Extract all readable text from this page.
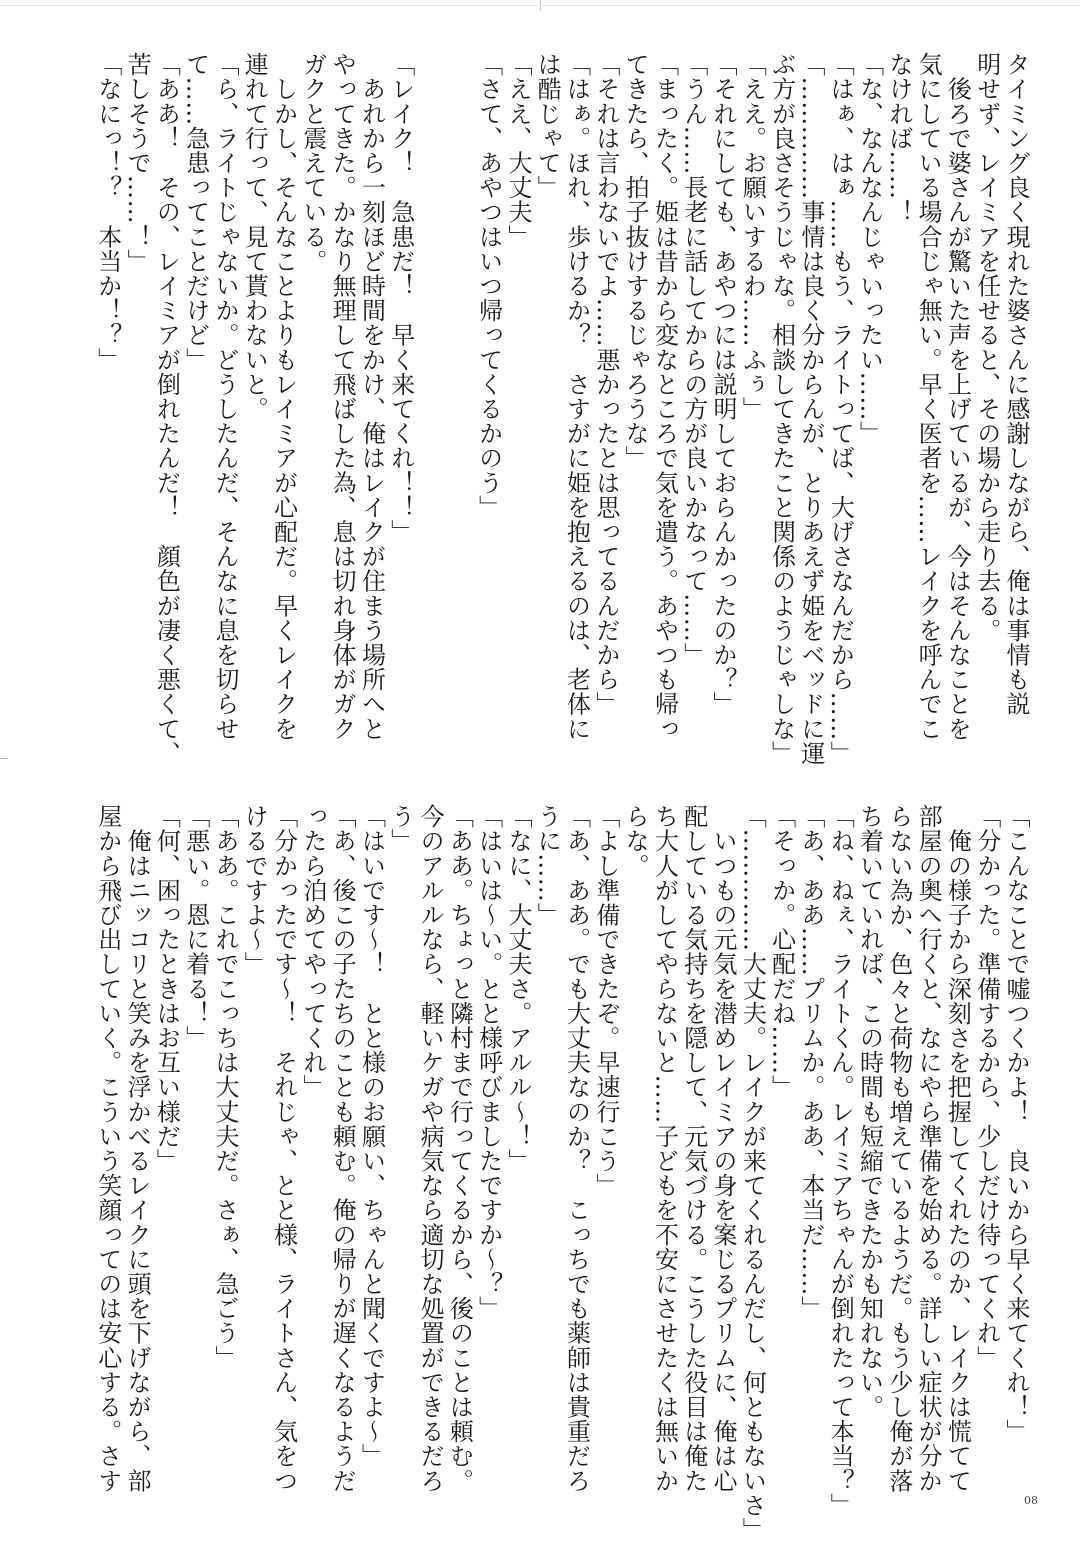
タイミング良く現れた婆さんに感謝しながら、俺は事情も説
明せず、レイミアを任せると、その場から走り去る。
　後ろで婆さんが驚いた声を上げているが、今はそんなことを
気にしている場合じゃ無い。早く医者を……レイクを呼んでこ
なければ……！
「な、なんなんじゃいったい……」
「はぁ、はぁ……もう、ライトってば、大げさなんだから……」
「……………事情は良く分からんが、とりあえず姫をベッドに運
ぶ方が良さそうじゃな。相談してきたこと関係のようじゃしな」
「ええ。お願いするわ……ふぅ」
「それにしても、あやつには説明しておらんかったのか？」
「うん……長老に話してからの方が良いかなって……」
「まったく。姫は昔から変なところで気を遣う。あやつも帰っ
てきたら、拍子抜けするじゃろうな」
「それは言わないでよ……悪かったとは思ってるんだから」
「はぁ。ほれ、歩けるか？　さすがに姫を抱えるのは、老体に
は酷じゃて」
「ええ、大丈夫」
「さて、あやつはいつ帰ってくるかのう」
「レイク！　急患だ！　早く来てくれ！！」
　あれから一刻ほど時間をかけ、俺はレイクが住まう場所へと
やってきた。かなり無理して飛ばした為、息は切れ身体がガク
ガクと震えている。
　しかし、そんなことよりもレイミアが心配だ。早くレイクを
連れて行って、見て貰わないと。
「ら、ライトじゃないか。どうしたんだ、そんなに息を切らせ
て……急患ってことだけど」
「ああ！　その、レイミアが倒れたんだ！　顔色が凄く悪くて、
苦しそうで……！」
「なにっ！？　本当か！？」
「こんなことで嘘つくかよ！　良いから早く来てくれ！」
「分かった。準備するから、少しだけ待ってくれ」
　俺の様子から深刻さを把握してくれたのか、レイクは慌てて
部屋の奥へ行くと、なにやら準備を始める。詳しい症状が分か
らない為か、色々と荷物も増えているようだ。もう少し俺が落
ち着いていれば、この時間も短縮できたかも知れない。
「ね、ねぇ、ライトくん。レイミアちゃんが倒れたって本当？」
「あ、ああ……プリムか。ああ、本当だ……」
「そっか。心配だね……」
「……………大丈夫。レイクが来てくれるんだし、何ともないさ」
　いつもの元気を潜めレイミアの身を案じるプリムに、俺は心
配している気持ちを隠して、元気づける。こうした役目は俺た
ち大人がしてやらないと……子どもを不安にさせたくは無いか
らな。
「よし準備できたぞ。早速行こう」
「あ、ああ。でも大丈夫なのか？　こっちでも薬師は貴重だろ
うに……」
「なに、大丈夫さ。アルル～！」
「はいは～い。とと様呼びましたですか～？」
「ああ。ちょっと隣村まで行ってくるから、後のことは頼む。
今のアルルなら、軽いケガや病気なら適切な処置ができるだろ
う」
「はいです～！　とと様のお願い、ちゃんと聞くですよ～」
「あ、後この子たちのことも頼む。俺の帰りが遅くなるようだ
ったら泊めてやってくれ」
「分かったです～！　それじゃ、とと様、ライトさん、気をつ
けるですよ～」
「ああ。これでこっちは大丈夫だ。さぁ、急ごう」
「悪い。恩に着る！」
「何、困ったときはお互い様だ」
　俺はニッコリと笑みを浮かべるレイクに頭を下げながら、部
屋から飛び出していく。こういう笑顔ってのは安心する。さす
08
